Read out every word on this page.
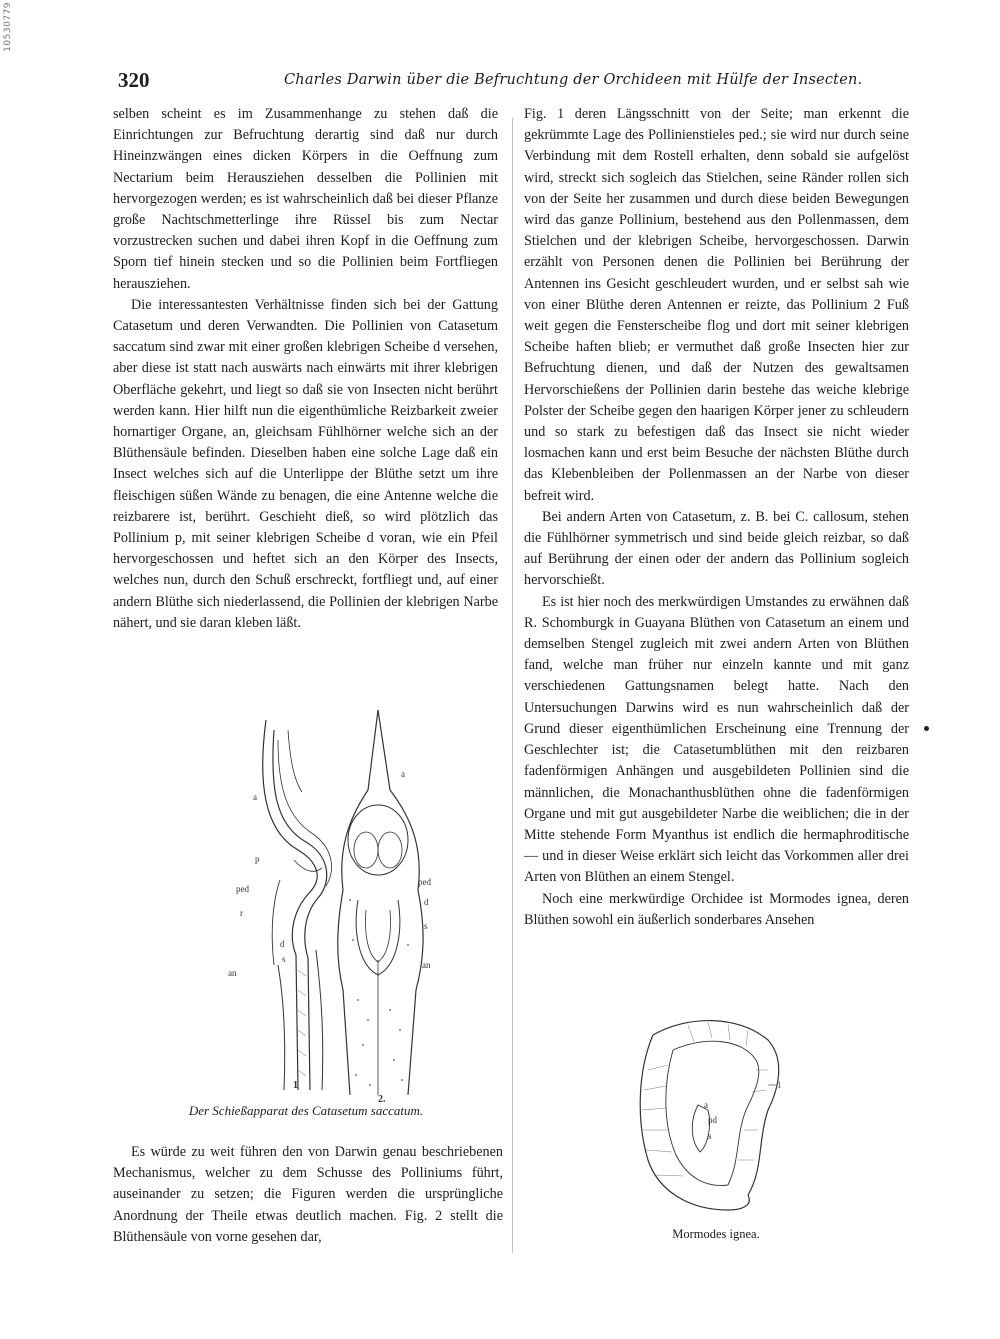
10530779
320	Charles Darwin über die Befruchtung der Orchideen mit Hülfe der Insecten.

selben scheint es im Zusammenhange zu stehen daß die Einrichtungen zur Befruchtung derartig sind daß nur durch Hineinzwängen eines dicken Körpers in die Oeffnung zum Nectarium beim Herausziehen desselben die Pollinien mit hervorgezogen werden; es ist wahrscheinlich daß bei dieser Pflanze große Nachtschmetterlinge ihre Rüssel bis zum Nectar vorzustrecken suchen und dabei ihren Kopf in die Oeffnung zum Sporn tief hinein stecken und so die Pollinien beim Fortfliegen herausziehen.

Die interessantesten Verhältnisse finden sich bei der Gattung Catasetum und deren Verwandten. Die Pollinien von Catasetum saccatum sind zwar mit einer großen klebrigen Scheibe d versehen, aber diese ist statt nach auswärts nach einwärts mit ihrer klebrigen Oberfläche gekehrt, und liegt so daß sie von Insecten nicht berührt werden kann. Hier hilft nun die eigenthümliche Reizbarkeit zweier hornartiger Organe, an, gleichsam Fühlhörner welche sich an der Blüthensäule befinden. Dieselben haben eine solche Lage daß ein Insect welches sich auf die Unterlippe der Blüthe setzt um ihre fleischigen süßen Wände zu benagen, die eine Antenne welche die reizbarere ist, berührt. Geschieht dieß, so wird plötzlich das Pollinium p, mit seiner klebrigen Scheibe d voran, wie ein Pfeil hervorgeschossen und heftet sich an den Körper des Insects, welches nun, durch den Schuß erschreckt, fortfliegt und, auf einer andern Blüthe sich niederlassend, die Pollinien der klebrigen Narbe nähert, und sie daran kleben läßt.

a
p
ped
r
d
s
an
a
ped
d
s
an
1
2.
Der Schießapparat des Catasetum saccatum.

Es würde zu weit führen den von Darwin genau beschriebenen Mechanismus, welcher zu dem Schusse des Polliniums führt, auseinander zu setzen; die Figuren werden die ursprüngliche Anordnung der Theile etwas deutlich machen. Fig. 2 stellt die Blüthensäule von vorne gesehen dar,

Fig. 1 deren Längsschnitt von der Seite; man erkennt die gekrümmte Lage des Pollinienstieles ped.; sie wird nur durch seine Verbindung mit dem Rostell erhalten, denn sobald sie aufgelöst wird, streckt sich sogleich das Stielchen, seine Ränder rollen sich von der Seite her zusammen und durch diese beiden Bewegungen wird das ganze Pollinium, bestehend aus den Pollenmassen, dem Stielchen und der klebrigen Scheibe, hervorgeschossen. Darwin erzählt von Personen denen die Pollinien bei Berührung der Antennen ins Gesicht geschleudert wurden, und er selbst sah wie von einer Blüthe deren Antennen er reizte, das Pollinium 2 Fuß weit gegen die Fensterscheibe flog und dort mit seiner klebrigen Scheibe haften blieb; er vermuthet daß große Insecten hier zur Befruchtung dienen, und daß der Nutzen des gewaltsamen Hervorschießens der Pollinien darin bestehe das weiche klebrige Polster der Scheibe gegen den haarigen Körper jener zu schleudern und so stark zu befestigen daß das Insect sie nicht wieder losmachen kann und erst beim Besuche der nächsten Blüthe durch das Klebenbleiben der Pollenmassen an der Narbe von dieser befreit wird.

Bei andern Arten von Catasetum, z. B. bei C. callosum, stehen die Fühlhörner symmetrisch und sind beide gleich reizbar, so daß auf Berührung der einen oder der andern das Pollinium sogleich hervorschießt.

Es ist hier noch des merkwürdigen Umstandes zu erwähnen daß R. Schomburgk in Guayana Blüthen von Catasetum an einem und demselben Stengel zugleich mit zwei andern Arten von Blüthen fand, welche man früher nur einzeln kannte und mit ganz verschiedenen Gattungsnamen belegt hatte. Nach den Untersuchungen Darwins wird es nun wahrscheinlich daß der Grund dieser eigenthümlichen Erscheinung eine Trennung der Geschlechter ist; die Catasetumblüthen mit den reizbaren fadenförmigen Anhängen und ausgebildeten Pollinien sind die männlichen, die Monachanthusblüthen ohne die fadenförmigen Organe und mit gut ausgebildeter Narbe die weiblichen; die in der Mitte stehende Form Myanthus ist endlich die hermaphroditische — und in dieser Weise erklärt sich leicht das Vorkommen aller drei Arten von Blüthen an einem Stengel.

Noch eine merkwürdige Orchidee ist Mormodes ignea, deren Blüthen sowohl ein äußerlich sonderbares Ansehen

l
a
pd
s
Mormodes ignea.
